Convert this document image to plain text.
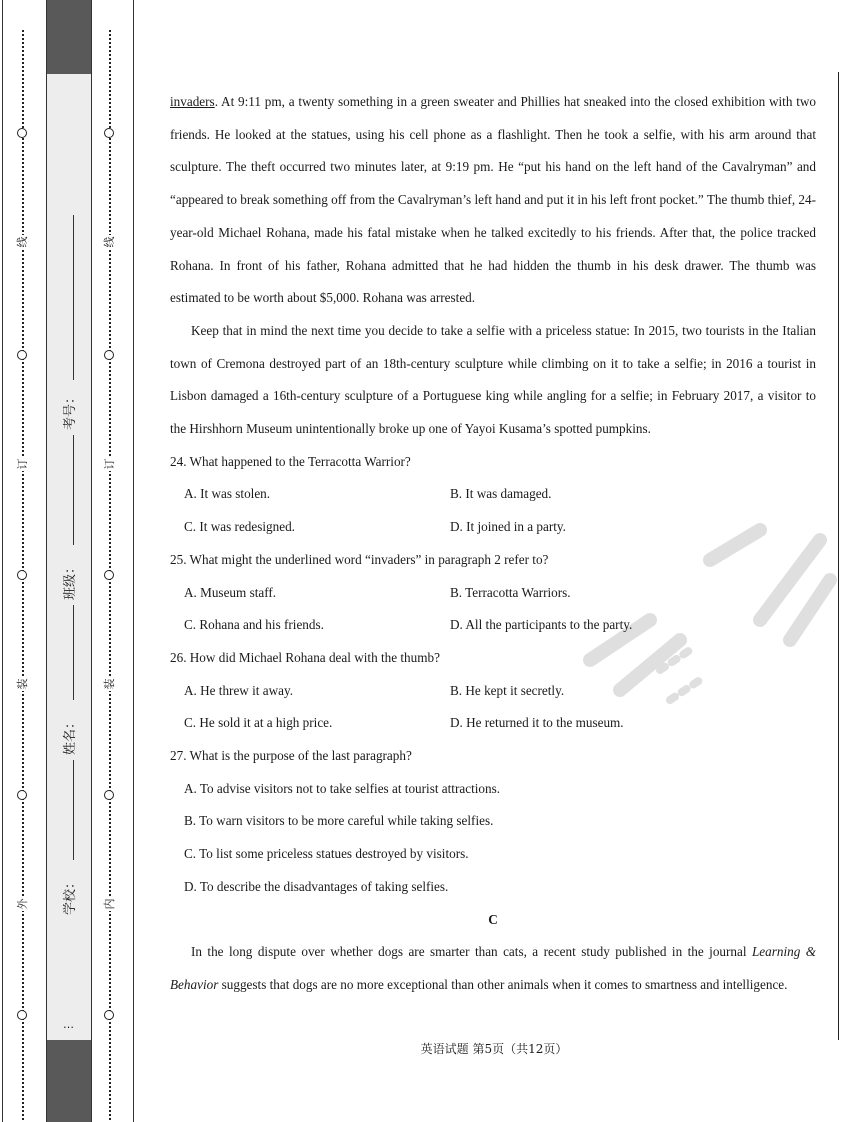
外
装
订
线
学校：
姓名：
班级：
考号：
…
内
装
订
线

invaders. At 9:11 pm, a twenty something in a green sweater and Phillies hat sneaked into the closed exhibition with two friends. He looked at the statues, using his cell phone as a flashlight. Then he took a selfie, with his arm around that sculpture. The theft occurred two minutes later, at 9:19 pm. He “put his hand on the left hand of the Cavalryman” and “appeared to break something off from the Cavalryman’s left hand and put it in his left front pocket.” The thumb thief, 24-year-old Michael Rohana, made his fatal mistake when he talked excitedly to his friends. After that, the police tracked Rohana. In front of his father, Rohana admitted that he had hidden the thumb in his desk drawer. The thumb was estimated to be worth about $5,000. Rohana was arrested.

Keep that in mind the next time you decide to take a selfie with a priceless statue: In 2015, two tourists in the Italian town of Cremona destroyed part of an 18th-century sculpture while climbing on it to take a selfie; in 2016 a tourist in Lisbon damaged a 16th-century sculpture of a Portuguese king while angling for a selfie; in February 2017, a visitor to the Hirshhorn Museum unintentionally broke up one of Yayoi Kusama’s spotted pumpkins.

24. What happened to the Terracotta Warrior?

A. It was stolen.	B. It was damaged.
C. It was redesigned.	D. It joined in a party.

25. What might the underlined word “invaders” in paragraph 2 refer to?

A. Museum staff.	B. Terracotta Warriors.
C. Rohana and his friends.	D. All the participants to the party.

26. How did Michael Rohana deal with the thumb?

A. He threw it away.	B. He kept it secretly.
C. He sold it at a high price.	D. He returned it to the museum.

27. What is the purpose of the last paragraph?

A. To advise visitors not to take selfies at tourist attractions.

B. To warn visitors to be more careful while taking selfies.

C. To list some priceless statues destroyed by visitors.

D. To describe the disadvantages of taking selfies.

C

In the long dispute over whether dogs are smarter than cats, a recent study published in the journal Learning & Behavior suggests that dogs are no more exceptional than other animals when it comes to smartness and intelligence.

英语试题 第5页（共12页）
